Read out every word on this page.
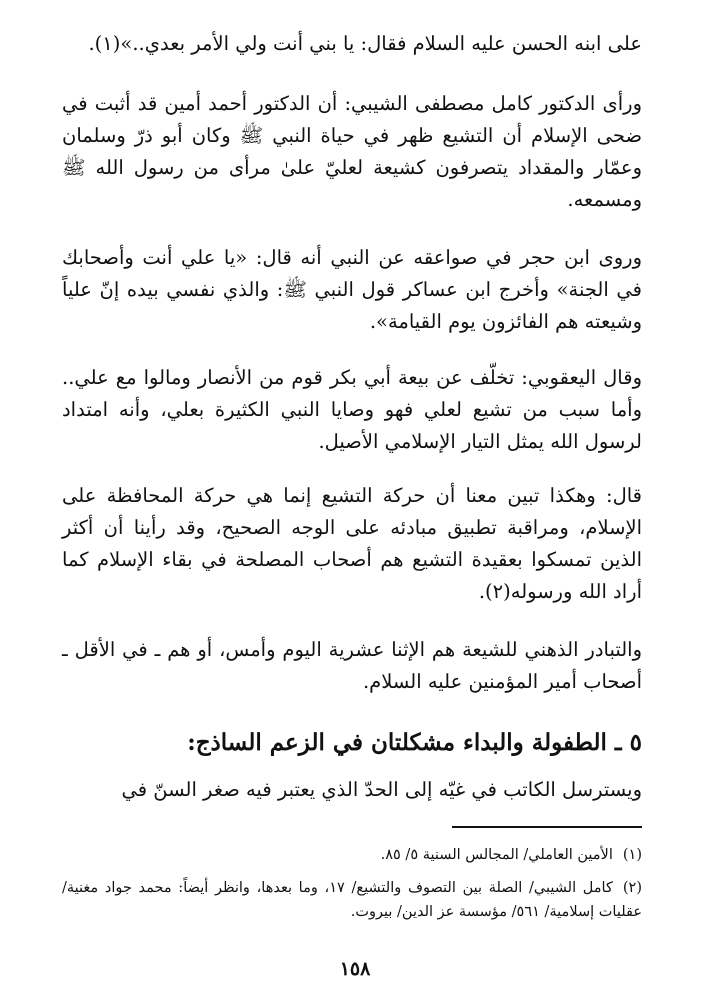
على ابنه الحسن عليه السلام فقال: يا بني أنت ولي الأمر بعدي..»(١).

ورأى الدكتور كامل مصطفى الشيبي: أن الدكتور أحمد أمين قد أثبت في ضحى الإسلام أن التشيع ظهر في حياة النبي ﷺ وكان أبو ذرّ وسلمان وعمّار والمقداد يتصرفون كشيعة لعليّ علىٰ مرأى من رسول الله ﷺ ومسمعه.

وروى ابن حجر في صواعقه عن النبي أنه قال: «يا علي أنت وأصحابك في الجنة» وأخرج ابن عساكر قول النبي ﷺ: والذي نفسي بيده إنّ علياً وشيعته هم الفائزون يوم القيامة».

وقال اليعقوبي: تخلّف عن بيعة أبي بكر قوم من الأنصار ومالوا مع علي.. وأما سبب من تشيع لعلي فهو وصايا النبي الكثيرة بعلي، وأنه امتداد لرسول الله يمثل التيار الإسلامي الأصيل.

قال: وهكذا تبين معنا أن حركة التشيع إنما هي حركة المحافظة على الإسلام، ومراقبة تطبيق مبادئه على الوجه الصحيح، وقد رأينا أن أكثر الذين تمسكوا بعقيدة التشيع هم أصحاب المصلحة في بقاء الإسلام كما أراد الله ورسوله(٢).

والتبادر الذهني للشيعة هم الإثنا عشرية اليوم وأمس، أو هم ـ في الأقل ـ أصحاب أمير المؤمنين عليه السلام.

٥ ـ الطفولة والبداء مشكلتان في الزعم الساذج:

ويسترسل الكاتب في غيّه إلى الحدّ الذي يعتبر فيه صغر السنّ في

(١)الأمين العاملي/ المجالس السنية ٥/ ٨٥.

(٢)كامل الشيبي/ الصلة بين التصوف والتشيع/ ١٧، وما بعدها، وانظر أيضاً: محمد جواد مغنية/ عقليات إسلامية/ ٥٦١/ مؤسسة عز الدين/ بيروت.

١٥٨
